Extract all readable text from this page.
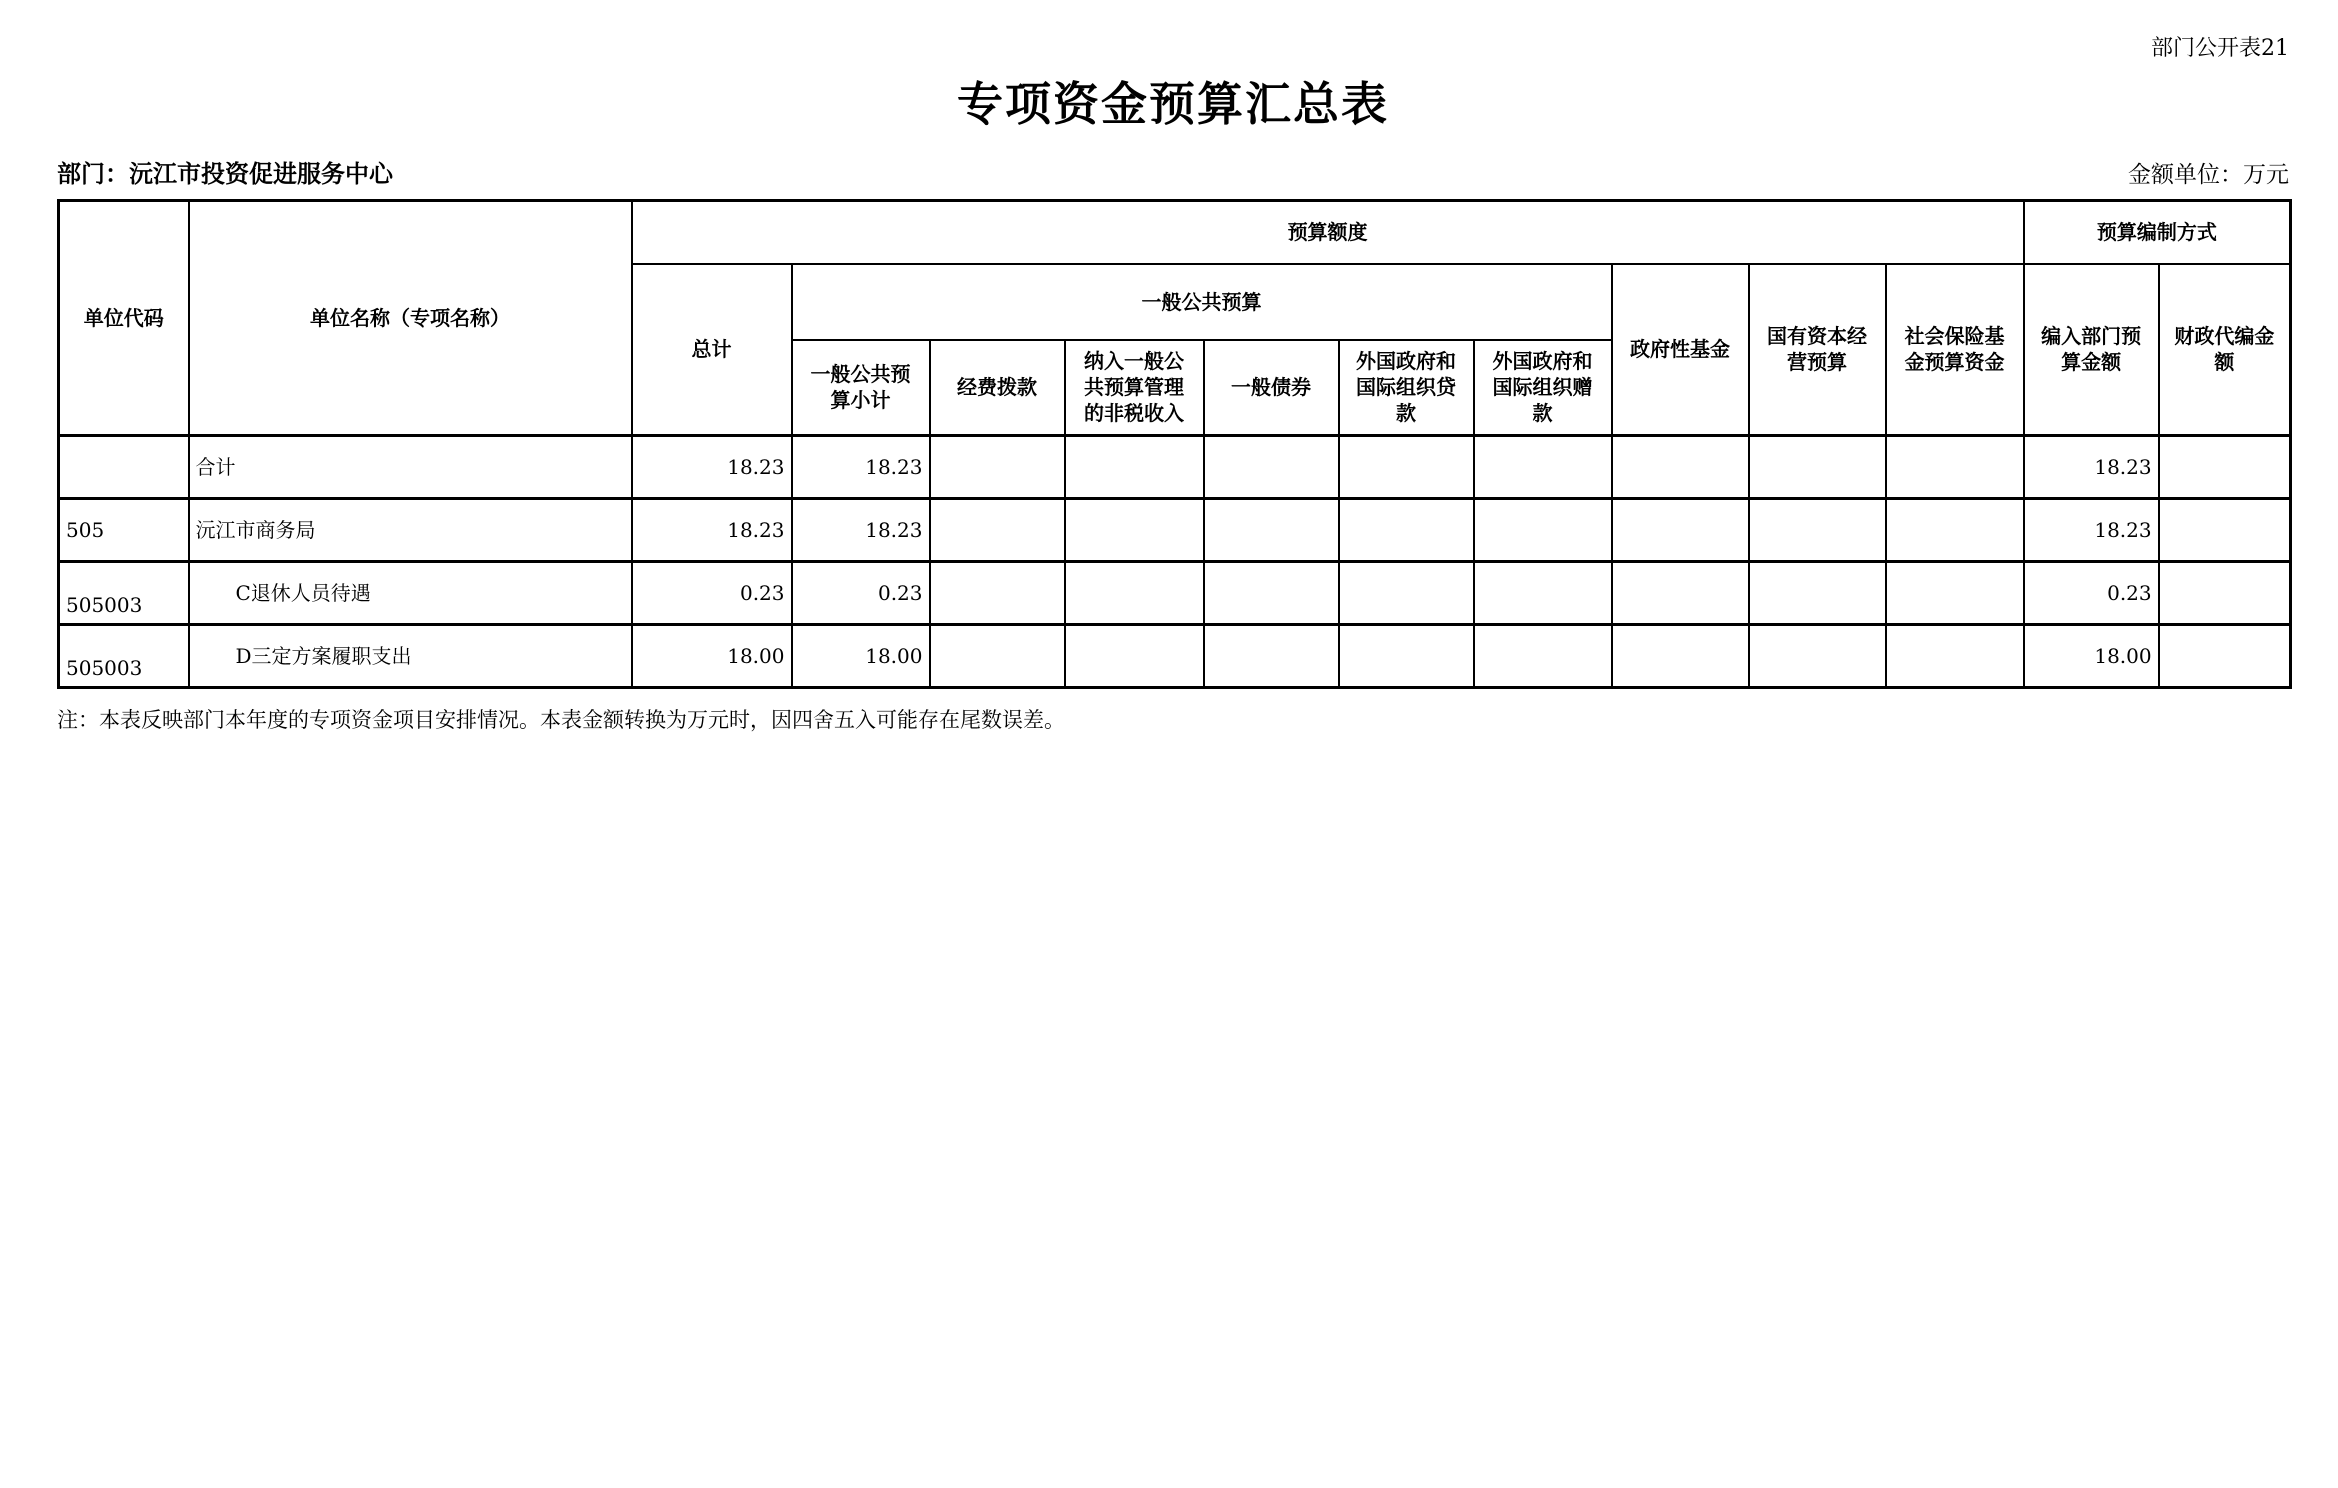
部门公开表21
专项资金预算汇总表
部门：沅江市投资促进服务中心	金额单位：万元
单位代码	单位名称（专项名称）	预算额度										预算编制方式	
		总计	一般公共预算						政府性基金	国有资本经营预算	社会保险基金预算资金	编入部门预算金额	财政代编金额
			一般公共预算小计	经费拨款	纳入一般公共预算管理的非税收入	一般债券	外国政府和国际组织贷款	外国政府和国际组织赠款					
	合计	18.23	18.23									18.23	
505	沅江市商务局	18.23	18.23									18.23	
　　505003	　　C退休人员待遇	0.23	0.23									0.23	
　　505003	　　D三定方案履职支出	18.00	18.00									18.00	
注：本表反映部门本年度的专项资金项目安排情况。本表金额转换为万元时，因四舍五入可能存在尾数误差。
